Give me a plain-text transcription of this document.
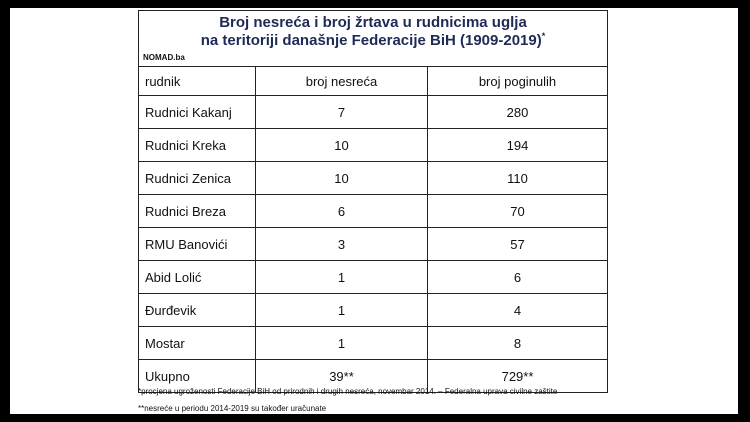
Broj nesreća i broj žrtava u rudnicima uglja
na teritoriji današnje Federacije BiH (1909-2019)*
NOMAD.ba
rudnik	broj nesreća	broj poginulih
Rudnici Kakanj	7	280
Rudnici Kreka	10	194
Rudnici Zenica	10	110
Rudnici Breza	6	70
RMU Banovići	3	57
Abid Lolić	1	6
Đurđevik	1	4
Mostar	1	8
Ukupno	39**	729**
*procjena ugroženosti Federacije BiH od prirodnih i drugih nesreća, novembar 2014. – Federalna uprava civilne zaštite
**nesreće u periodu 2014-2019 su također uračunate
